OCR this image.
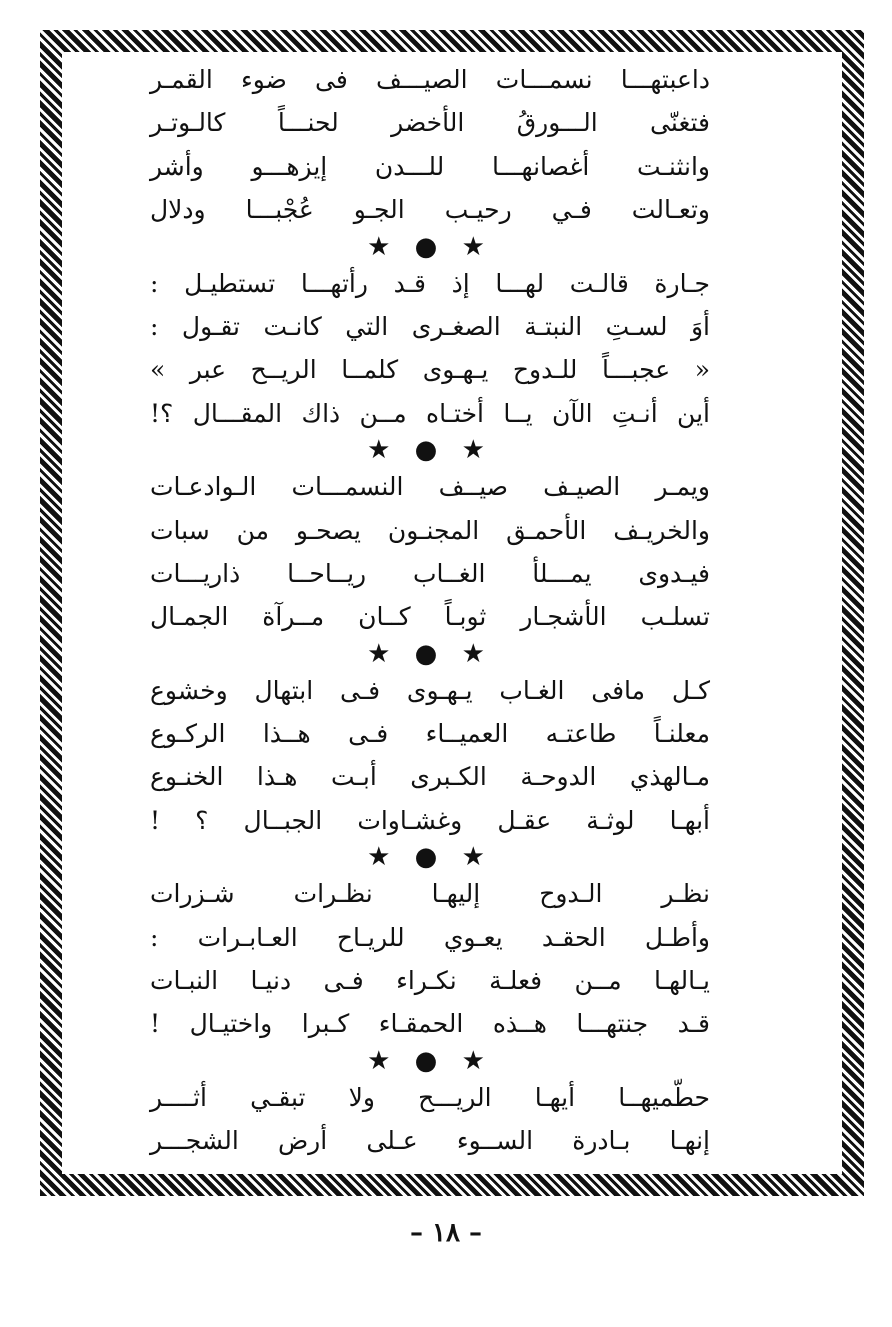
داعبتهـــا نسمـــات الصيـــف فى ضوء القمـر
فتغنّى الـــورقُ الأخضر لحنـــاً كالـوتـر
وانثنـت أغصانهـــا للـــدن إيزهـــو وأشر
وتعـالت فـي رحيـب الجـو عُجْبـــا ودلال
★ ● ★
جـارة قالـت لهـــا إذ قـد رأتهـــا تستطيـل :
أوَ لسـتِ النبتـة الصغـرى التي كانـت تقـول :
« عجبـــاً للـدوح يـهـوى كلمــا الريــح عبر »
أين أنـتِ الآن يــا أختـاه مــن ذاك المقـــال ؟!
★ ● ★
ويمـر الصيـف صيــف النسمـــات الـوادعـات
والخريـف الأحمـق المجنـون يصحـو من سبات
فيـدوى يمـــلأ الغــاب ريــاحــا ذاريـــات
تسلـب الأشجـار ثوبـاً كــان مــرآة الجمـال
★ ● ★
كـل مافى الغـاب يـهـوى فـى ابتهال وخشوع
معلنـاً طاعتـه العميــاء فـى هــذا الركـوع
مـالهذي الدوحـة الكـبرى أبـت هـذا الخنـوع
أبهـا لوثـة عقـل وغشـاوات الجبــال ؟ !
★ ● ★
نظـر الـدوح إليهـا نظـرات شـزرات
وأطـل الحقـد يعـوي للريـاح العـابـرات :
يـالهـا مــن فعلـة نكـراء فـى دنيـا النبـات
قـد جنتهـــا هــذه الحمقـاء كـبرا واختيـال !
★ ● ★
حطّميهــا أيهـا الريـــح ولا تبقـي أثــــر
إنهـا بـادرة الســوء عـلى أرض الشجـــر
– ١٨ –
